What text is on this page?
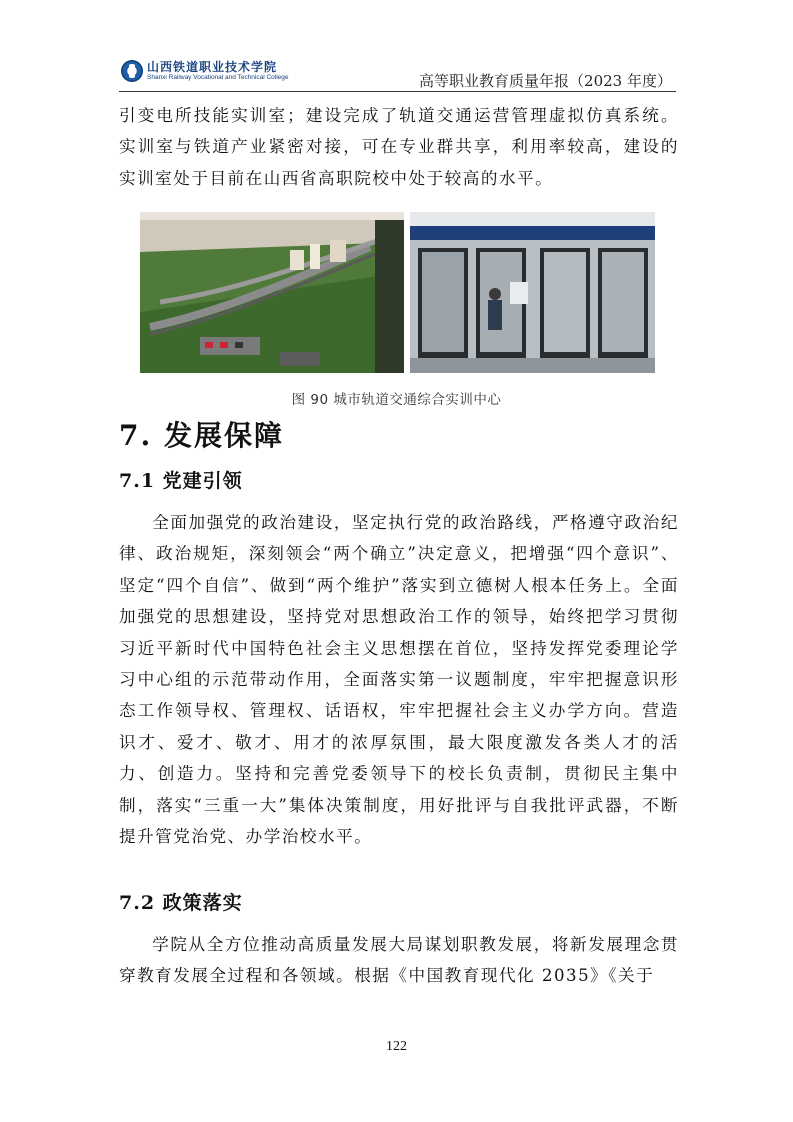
山西铁道职业技术学院
Shanxi Railway Vocational and Technical College	高等职业教育质量年报（2023 年度）

引变电所技能实训室；建设完成了轨道交通运营管理虚拟仿真系统。实训室与铁道产业紧密对接，可在专业群共享，利用率较高，建设的实训室处于目前在山西省高职院校中处于较高的水平。

图 90 城市轨道交通综合实训中心
7. 发展保障
7.1 党建引领

全面加强党的政治建设，坚定执行党的政治路线，严格遵守政治纪律、政治规矩，深刻领会“两个确立”决定意义，把增强“四个意识”、坚定“四个自信”、做到“两个维护”落实到立德树人根本任务上。全面加强党的思想建设，坚持党对思想政治工作的领导，始终把学习贯彻习近平新时代中国特色社会主义思想摆在首位，坚持发挥党委理论学习中心组的示范带动作用，全面落实第一议题制度，牢牢把握意识形态工作领导权、管理权、话语权，牢牢把握社会主义办学方向。营造识才、爱才、敬才、用才的浓厚氛围，最大限度激发各类人才的活力、创造力。坚持和完善党委领导下的校长负责制，贯彻民主集中制，落实“三重一大”集体决策制度，用好批评与自我批评武器，不断提升管党治党、办学治校水平。

7.2 政策落实

学院从全方位推动高质量发展大局谋划职教发展，将新发展理念贯穿教育发展全过程和各领域。根据《中国教育现代化 2035》《关于

122
